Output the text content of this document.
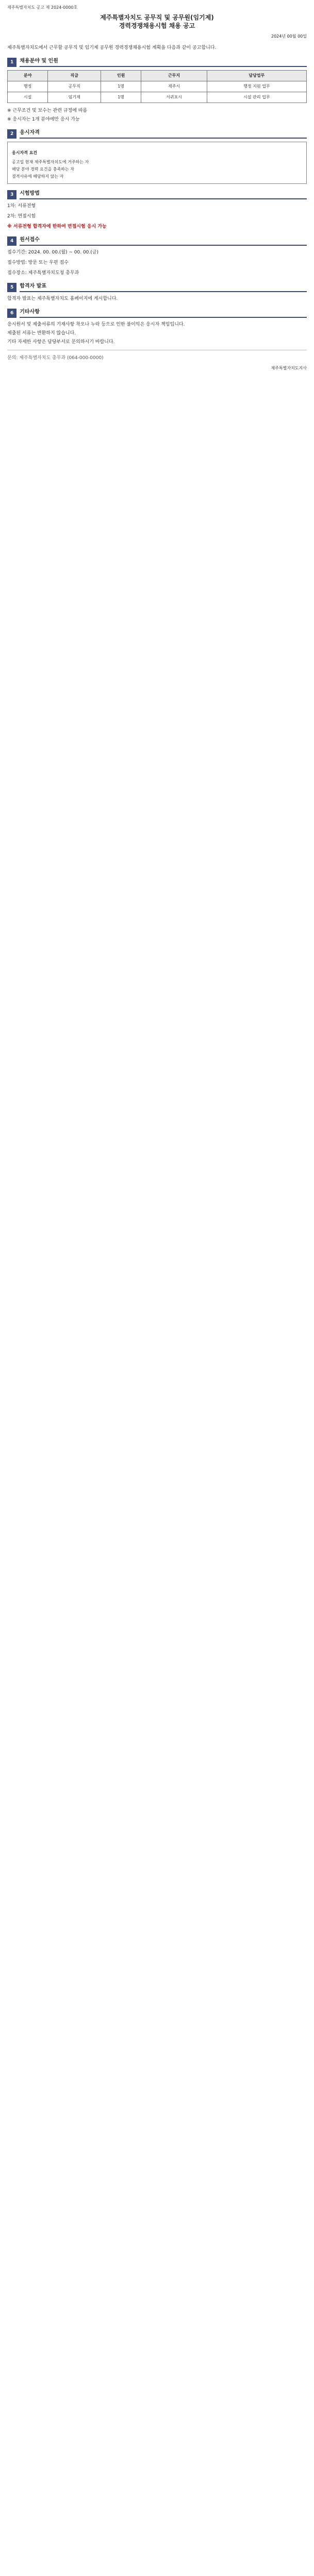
제주특별자치도 공고 제 2024-0000호
제주특별자치도 공무직 및 공무원(임기제)
경력경쟁채용시험 채용 공고
2024년 00월 00일

제주특별자치도에서 근무할 공무직 및 임기제 공무원 경력경쟁채용시험 계획을 다음과 같이 공고합니다.

1	채용분야 및 인원
분야	직급	인원	근무지	담당업무
행정	공무직	1명	제주시	행정 지원 업무
시설	임기제	1명	서귀포시	시설 관리 업무
※ 근무조건 및 보수는 관련 규정에 따름
※ 응시자는 1개 분야에만 응시 가능
2	응시자격
응시자격 요건
공고일 현재 제주특별자치도에 거주하는 자
해당 분야 경력 요건을 충족하는 자
결격사유에 해당하지 않는 자
3	시험방법

1차: 서류전형

2차: 면접시험

※ 서류전형 합격자에 한하여 면접시험 응시 가능

4	원서접수

접수기간: 2024. 00. 00.(월) ~ 00. 00.(금)

접수방법: 방문 또는 우편 접수

접수장소: 제주특별자치도청 총무과

5	합격자 발표

합격자 발표는 제주특별자치도 홈페이지에 게시합니다.

6	기타사항
응시원서 및 제출서류의 기재사항 착오나 누락 등으로 인한 불이익은 응시자 책임입니다.
제출된 서류는 반환하지 않습니다.
기타 자세한 사항은 담당부서로 문의하시기 바랍니다.

문의: 제주특별자치도 총무과 (064-000-0000)

제주특별자치도지사
